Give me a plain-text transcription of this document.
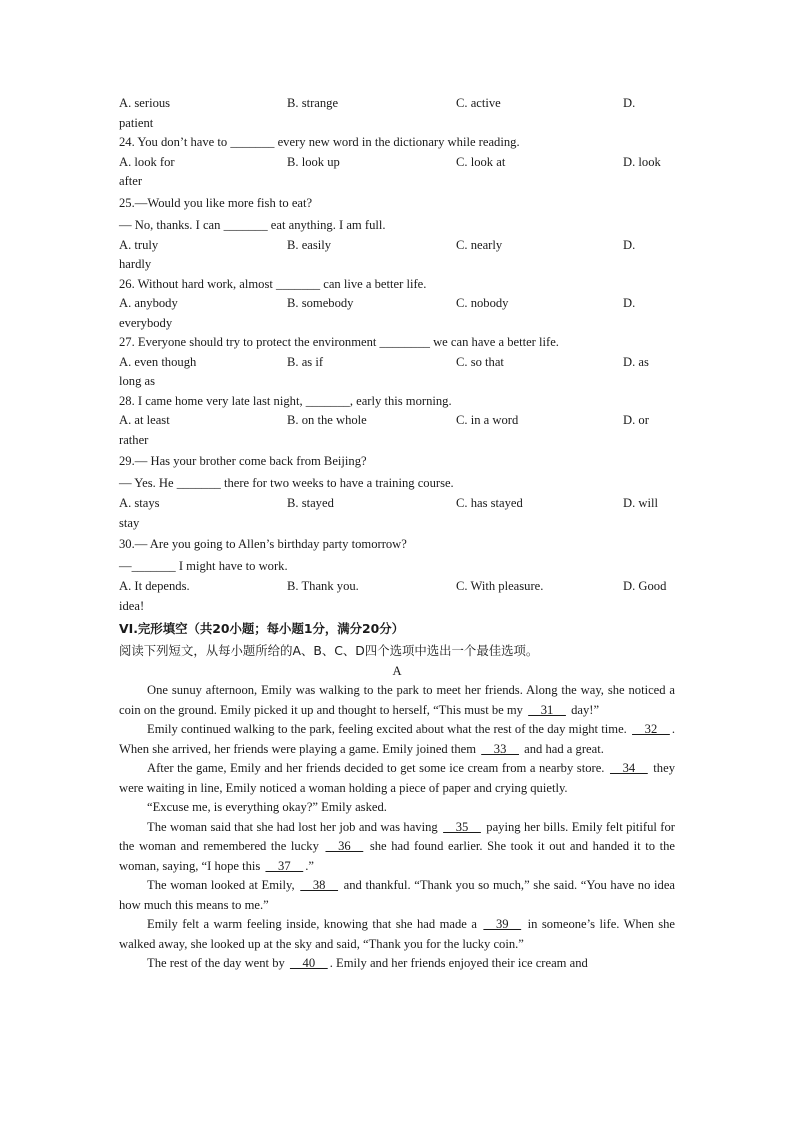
A. serious	B. strange	C. active	D.
patient
24. You don’t have to _______ every new word in the dictionary while reading.
A. look for	B. look up	C. look at	D. look
after
25.—Would you like more fish to eat?
— No, thanks. I can _______ eat anything. I am full.
A. truly	B. easily	C. nearly	D.
hardly
26. Without hard work, almost _______ can live a better life.
A. anybody	B. somebody	C. nobody	D.
everybody
27. Everyone should try to protect the environment ________ we can have a better life.
A. even though	B. as if	C. so that	D. as
long as
28. I came home very late last night, _______, early this morning.
A. at least	B. on the whole	C. in a word	D. or
rather
29.— Has your brother come back from Beijing?
— Yes. He _______ there for two weeks to have a training course.
A. stays	B. stayed	C. has stayed	D. will
stay
30.— Are you going to Allen’s birthday party tomorrow?
—_______ I might have to work.
A. It depends.	B. Thank you.	C. With pleasure.	D. Good
idea!
VI.完形填空（共20小题；每小题1分，满分20分）
阅读下列短文，从每小题所给的A、B、C、D四个选项中选出一个最佳选项。
A

One sunuy afternoon, Emily was walking to the park to meet her friends. Along the way, she noticed a coin on the ground. Emily picked it up and thought to herself, “This must be my   31   day!”

Emily continued walking to the park, feeling excited about what the rest of the day might time.   32  . When she arrived, her friends were playing a game. Emily joined them   33   and had a great.

After the game, Emily and her friends decided to get some ice cream from a nearby store.   34   they were waiting in line, Emily noticed a woman holding a piece of paper and crying quietly.

“Excuse me, is everything okay?” Emily asked.

The woman said that she had lost her job and was having   35   paying her bills. Emily felt pitiful for the woman and remembered the lucky   36   she had found earlier. She took it out and handed it to the woman, saying, “I hope this   37  .”

The woman looked at Emily,   38   and thankful. “Thank you so much,” she said. “You have no idea how much this means to me.”

Emily felt a warm feeling inside, knowing that she had made a   39   in someone’s life. When she walked away, she looked up at the sky and said, “Thank you for the lucky coin.”

The rest of the day went by   40  . Emily and her friends enjoyed their ice cream and
